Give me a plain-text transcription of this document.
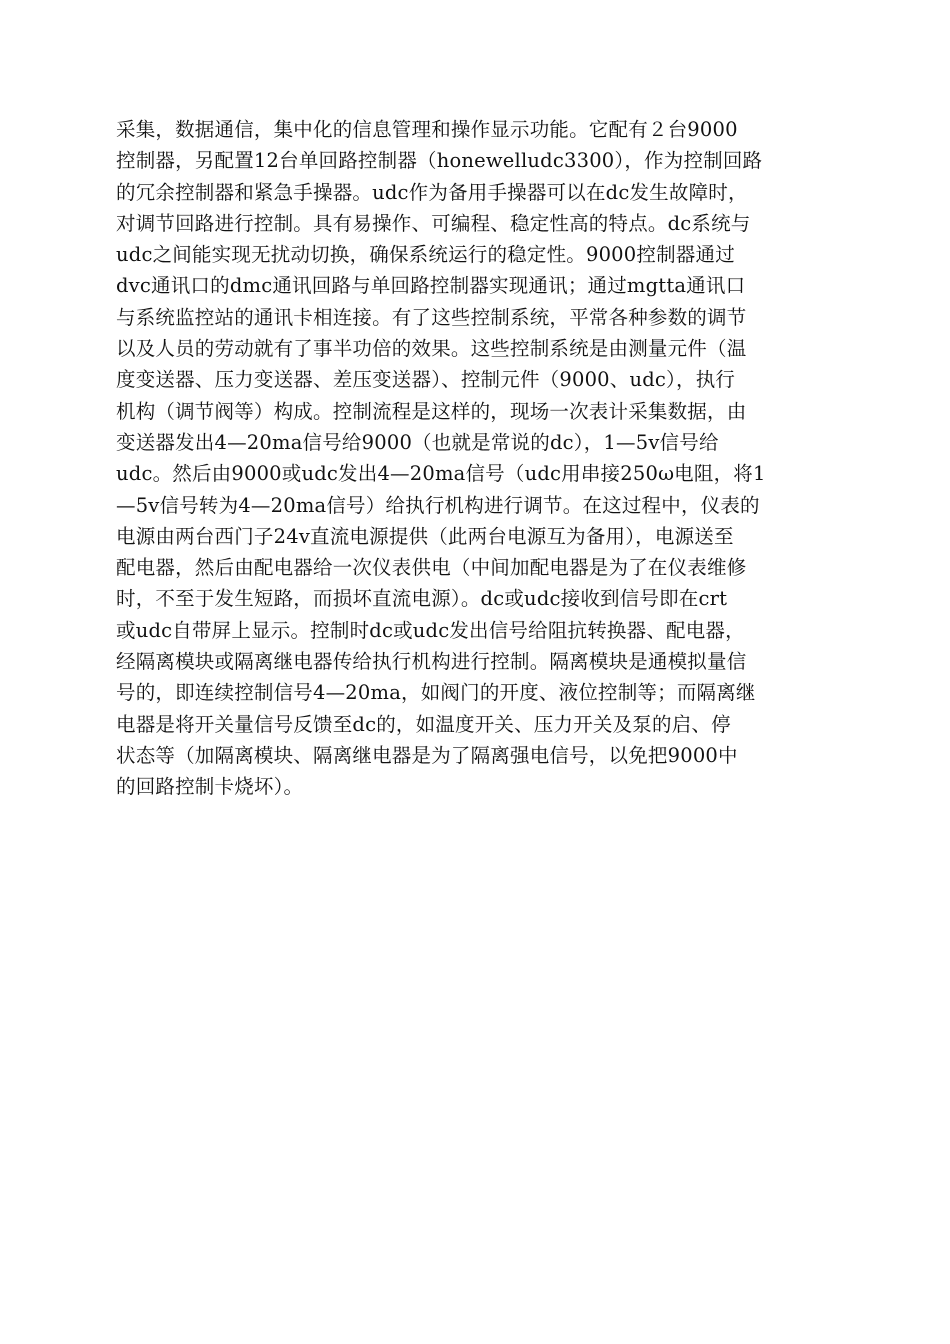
采集，数据通信，集中化的信息管理和操作显示功能。它配有２台9000
控制器，另配置12台单回路控制器（honewelludc3300），作为控制回路
的冗余控制器和紧急手操器。udc作为备用手操器可以在dc发生故障时，
对调节回路进行控制。具有易操作、可编程、稳定性高的特点。dc系统与
udc之间能实现无扰动切换，确保系统运行的稳定性。9000控制器通过
dvc通讯口的dmc通讯回路与单回路控制器实现通讯；通过mgtta通讯口
与系统监控站的通讯卡相连接。有了这些控制系统，平常各种参数的调节
以及人员的劳动就有了事半功倍的效果。这些控制系统是由测量元件（温
度变送器、压力变送器、差压变送器）、控制元件（9000、udc），执行
机构（调节阀等）构成。控制流程是这样的，现场一次表计采集数据，由
变送器发出4—20ma信号给9000（也就是常说的dc），1—5v信号给
udc。然后由9000或udc发出4—20ma信号（udc用串接250ω电阻，将1
—5v信号转为4—20ma信号）给执行机构进行调节。在这过程中，仪表的
电源由两台西门子24v直流电源提供（此两台电源互为备用），电源送至
配电器，然后由配电器给一次仪表供电（中间加配电器是为了在仪表维修
时，不至于发生短路，而损坏直流电源）。dc或udc接收到信号即在crt
或udc自带屏上显示。控制时dc或udc发出信号给阻抗转换器、配电器，
经隔离模块或隔离继电器传给执行机构进行控制。隔离模块是通模拟量信
号的，即连续控制信号4—20ma，如阀门的开度、液位控制等；而隔离继
电器是将开关量信号反馈至dc的，如温度开关、压力开关及泵的启、停
状态等（加隔离模块、隔离继电器是为了隔离强电信号，以免把9000中
的回路控制卡烧坏）。
